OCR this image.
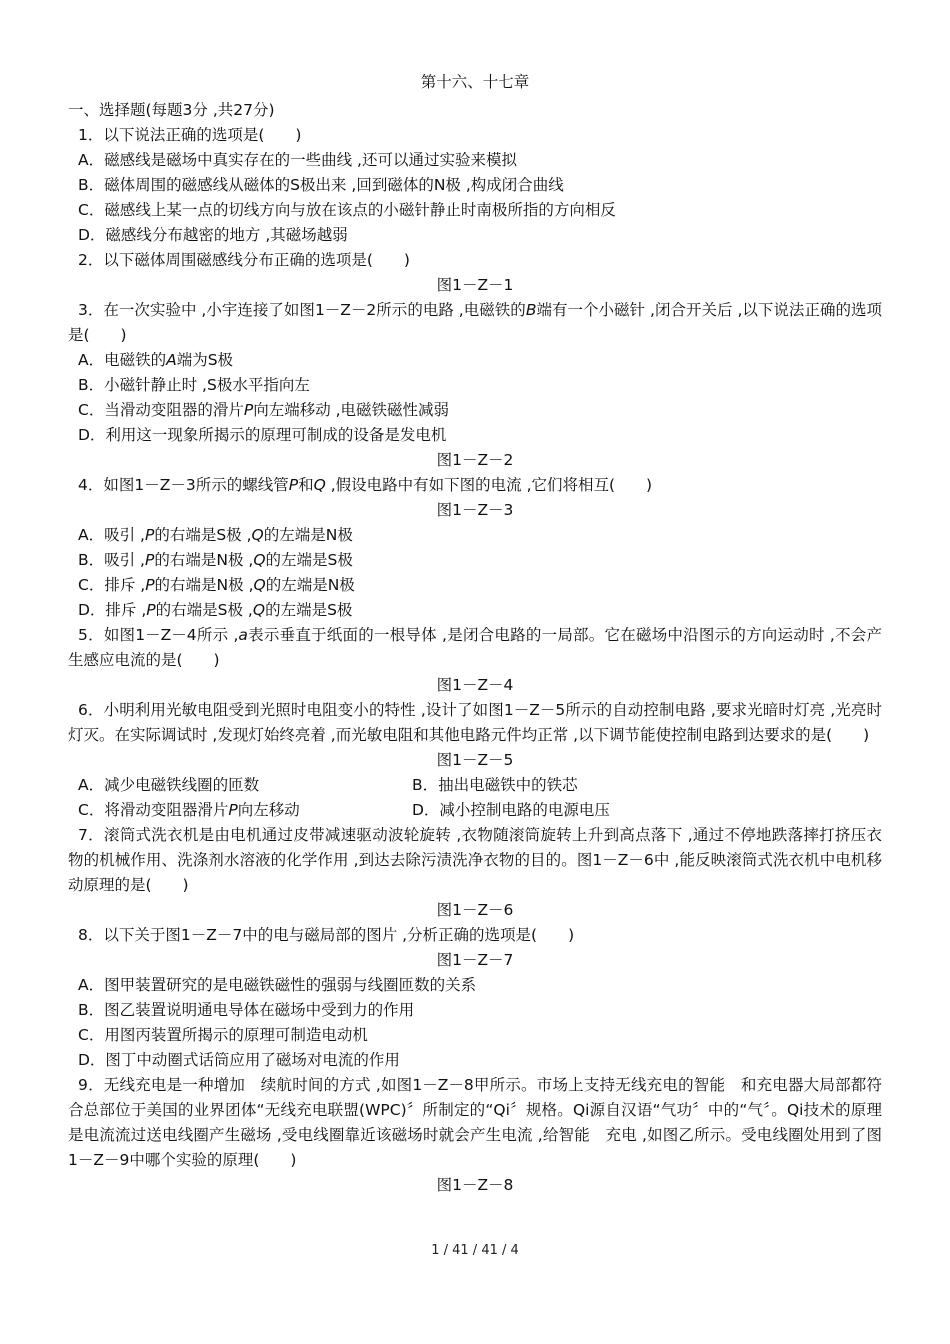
第十六、十七章
一、选择题(每题3分 ,共27分)
1．以下说法正确的选项是(　　)
A．磁感线是磁场中真实存在的一些曲线 ,还可以通过实验来模拟
B．磁体周围的磁感线从磁体的S极出来 ,回到磁体的N极 ,构成闭合曲线
C．磁感线上某一点的切线方向与放在该点的小磁针静止时南极所指的方向相反
D．磁感线分布越密的地方 ,其磁场越弱
2．以下磁体周围磁感线分布正确的选项是(　　)
图1－Z－1
3．在一次实验中 ,小宇连接了如图1－Z－2所示的电路 ,电磁铁的B端有一个小磁针 ,闭合开关后 ,以下说法正确的选项是(　　)
A．电磁铁的A端为S极
B．小磁针静止时 ,S极水平指向左
C．当滑动变阻器的滑片P向左端移动 ,电磁铁磁性减弱
D．利用这一现象所揭示的原理可制成的设备是发电机
图1－Z－2
4．如图1－Z－3所示的螺线管P和Q ,假设电路中有如下图的电流 ,它们将相互(　　)
图1－Z－3
A．吸引 ,P的右端是S极 ,Q的左端是N极
B．吸引 ,P的右端是N极 ,Q的左端是S极
C．排斥 ,P的右端是N极 ,Q的左端是N极
D．排斥 ,P的右端是S极 ,Q的左端是S极
5．如图1－Z－4所示 ,a表示垂直于纸面的一根导体 ,是闭合电路的一局部。它在磁场中沿图示的方向运动时 ,不会产生感应电流的是(　　)
图1－Z－4
6．小明利用光敏电阻受到光照时电阻变小的特性 ,设计了如图1－Z－5所示的自动控制电路 ,要求光暗时灯亮 ,光亮时灯灭。在实际调试时 ,发现灯始终亮着 ,而光敏电阻和其他电路元件均正常 ,以下调节能使控制电路到达要求的是(　　)
图1－Z－5
A．减少电磁铁线圈的匝数	B．抽出电磁铁中的铁芯
C．将滑动变阻器滑片P向左移动	D．减小控制电路的电源电压
7．滚筒式洗衣机是由电机通过皮带减速驱动波轮旋转 ,衣物随滚筒旋转上升到高点落下 ,通过不停地跌落摔打挤压衣物的机械作用、洗涤剂水溶液的化学作用 ,到达去除污渍洗净衣物的目的。图1－Z－6中 ,能反映滚筒式洗衣机中电机移动原理的是(　　)
图1－Z－6
8．以下关于图1－Z－7中的电与磁局部的图片 ,分析正确的选项是(　　)
图1－Z－7
A．图甲装置研究的是电磁铁磁性的强弱与线圈匝数的关系
B．图乙装置说明通电导体在磁场中受到力的作用
C．用图丙装置所揭示的原理可制造电动机
D．图丁中动圈式话筒应用了磁场对电流的作用
9．无线充电是一种增加　续航时间的方式 ,如图1－Z－8甲所示。市场上支持无线充电的智能　和充电器大局部都符合总部位于美国的业界团体“无线充电联盟(WPC)〞所制定的“Qi〞规格。Qi源自汉语“气功〞中的“气〞。Qi技术的原理是电流流过送电线圈产生磁场 ,受电线圈靠近该磁场时就会产生电流 ,给智能　充电 ,如图乙所示。受电线圈处用到了图1－Z－9中哪个实验的原理(　　)
图1－Z－8
1 / 41 / 41 / 4
